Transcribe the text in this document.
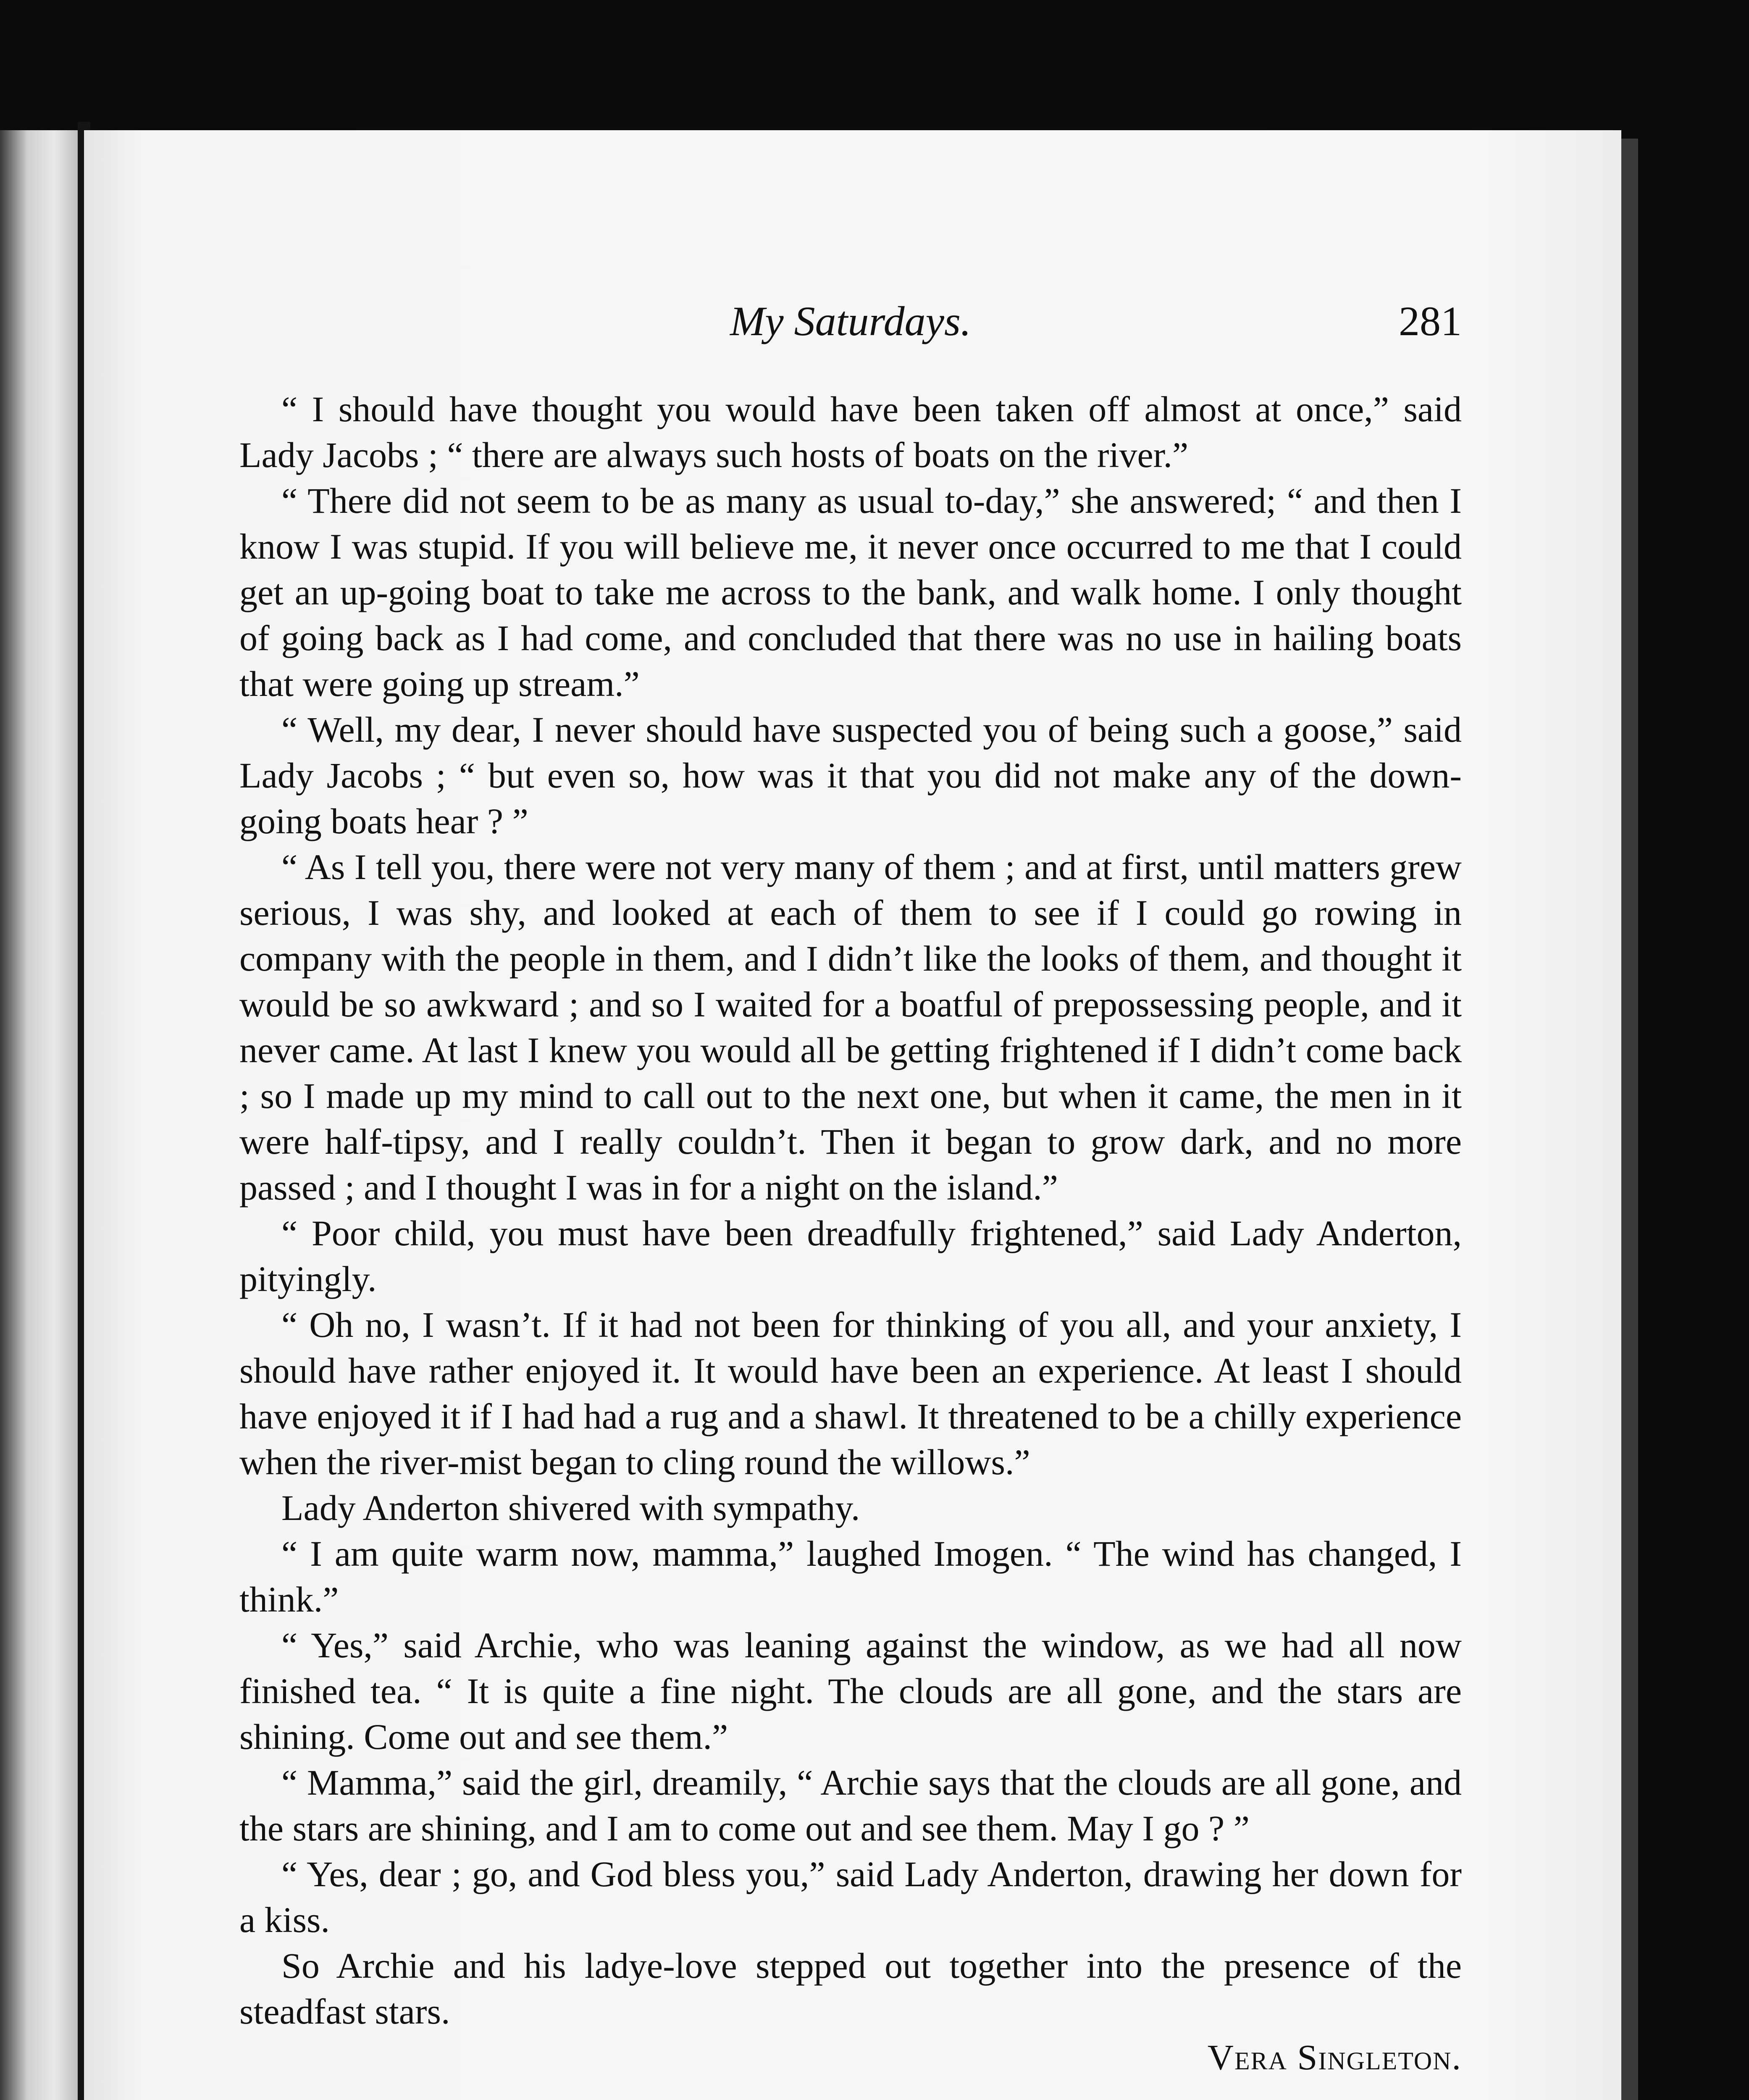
My Saturdays.	281

“ I should have thought you would have been taken off almost at once,” said Lady Jacobs ; “ there are always such hosts of boats on the river.”

“ There did not seem to be as many as usual to-day,” she answered; “ and then I know I was stupid. If you will believe me, it never once occurred to me that I could get an up-going boat to take me across to the bank, and walk home. I only thought of going back as I had come, and concluded that there was no use in hailing boats that were going up stream.”

“ Well, my dear, I never should have suspected you of being such a goose,” said Lady Jacobs ; “ but even so, how was it that you did not make any of the down-going boats hear ? ”

“ As I tell you, there were not very many of them ; and at first, until matters grew serious, I was shy, and looked at each of them to see if I could go rowing in company with the people in them, and I didn’t like the looks of them, and thought it would be so awkward ; and so I waited for a boatful of prepossessing people, and it never came. At last I knew you would all be getting frightened if I didn’t come back ; so I made up my mind to call out to the next one, but when it came, the men in it were half-tipsy, and I really couldn’t. Then it began to grow dark, and no more passed ; and I thought I was in for a night on the island.”

“ Poor child, you must have been dreadfully frightened,” said Lady Anderton, pityingly.

“ Oh no, I wasn’t. If it had not been for thinking of you all, and your anxiety, I should have rather enjoyed it. It would have been an experience. At least I should have enjoyed it if I had had a rug and a shawl. It threatened to be a chilly experience when the river-mist began to cling round the willows.”

Lady Anderton shivered with sympathy.

“ I am quite warm now, mamma,” laughed Imogen. “ The wind has changed, I think.”

“ Yes,” said Archie, who was leaning against the window, as we had all now finished tea. “ It is quite a fine night. The clouds are all gone, and the stars are shining. Come out and see them.”

“ Mamma,” said the girl, dreamily, “ Archie says that the clouds are all gone, and the stars are shining, and I am to come out and see them. May I go ? ”

“ Yes, dear ; go, and God bless you,” said Lady Anderton, drawing her down for a kiss.

So Archie and his ladye-love stepped out together into the presence of the steadfast stars.

Vera Singleton.
